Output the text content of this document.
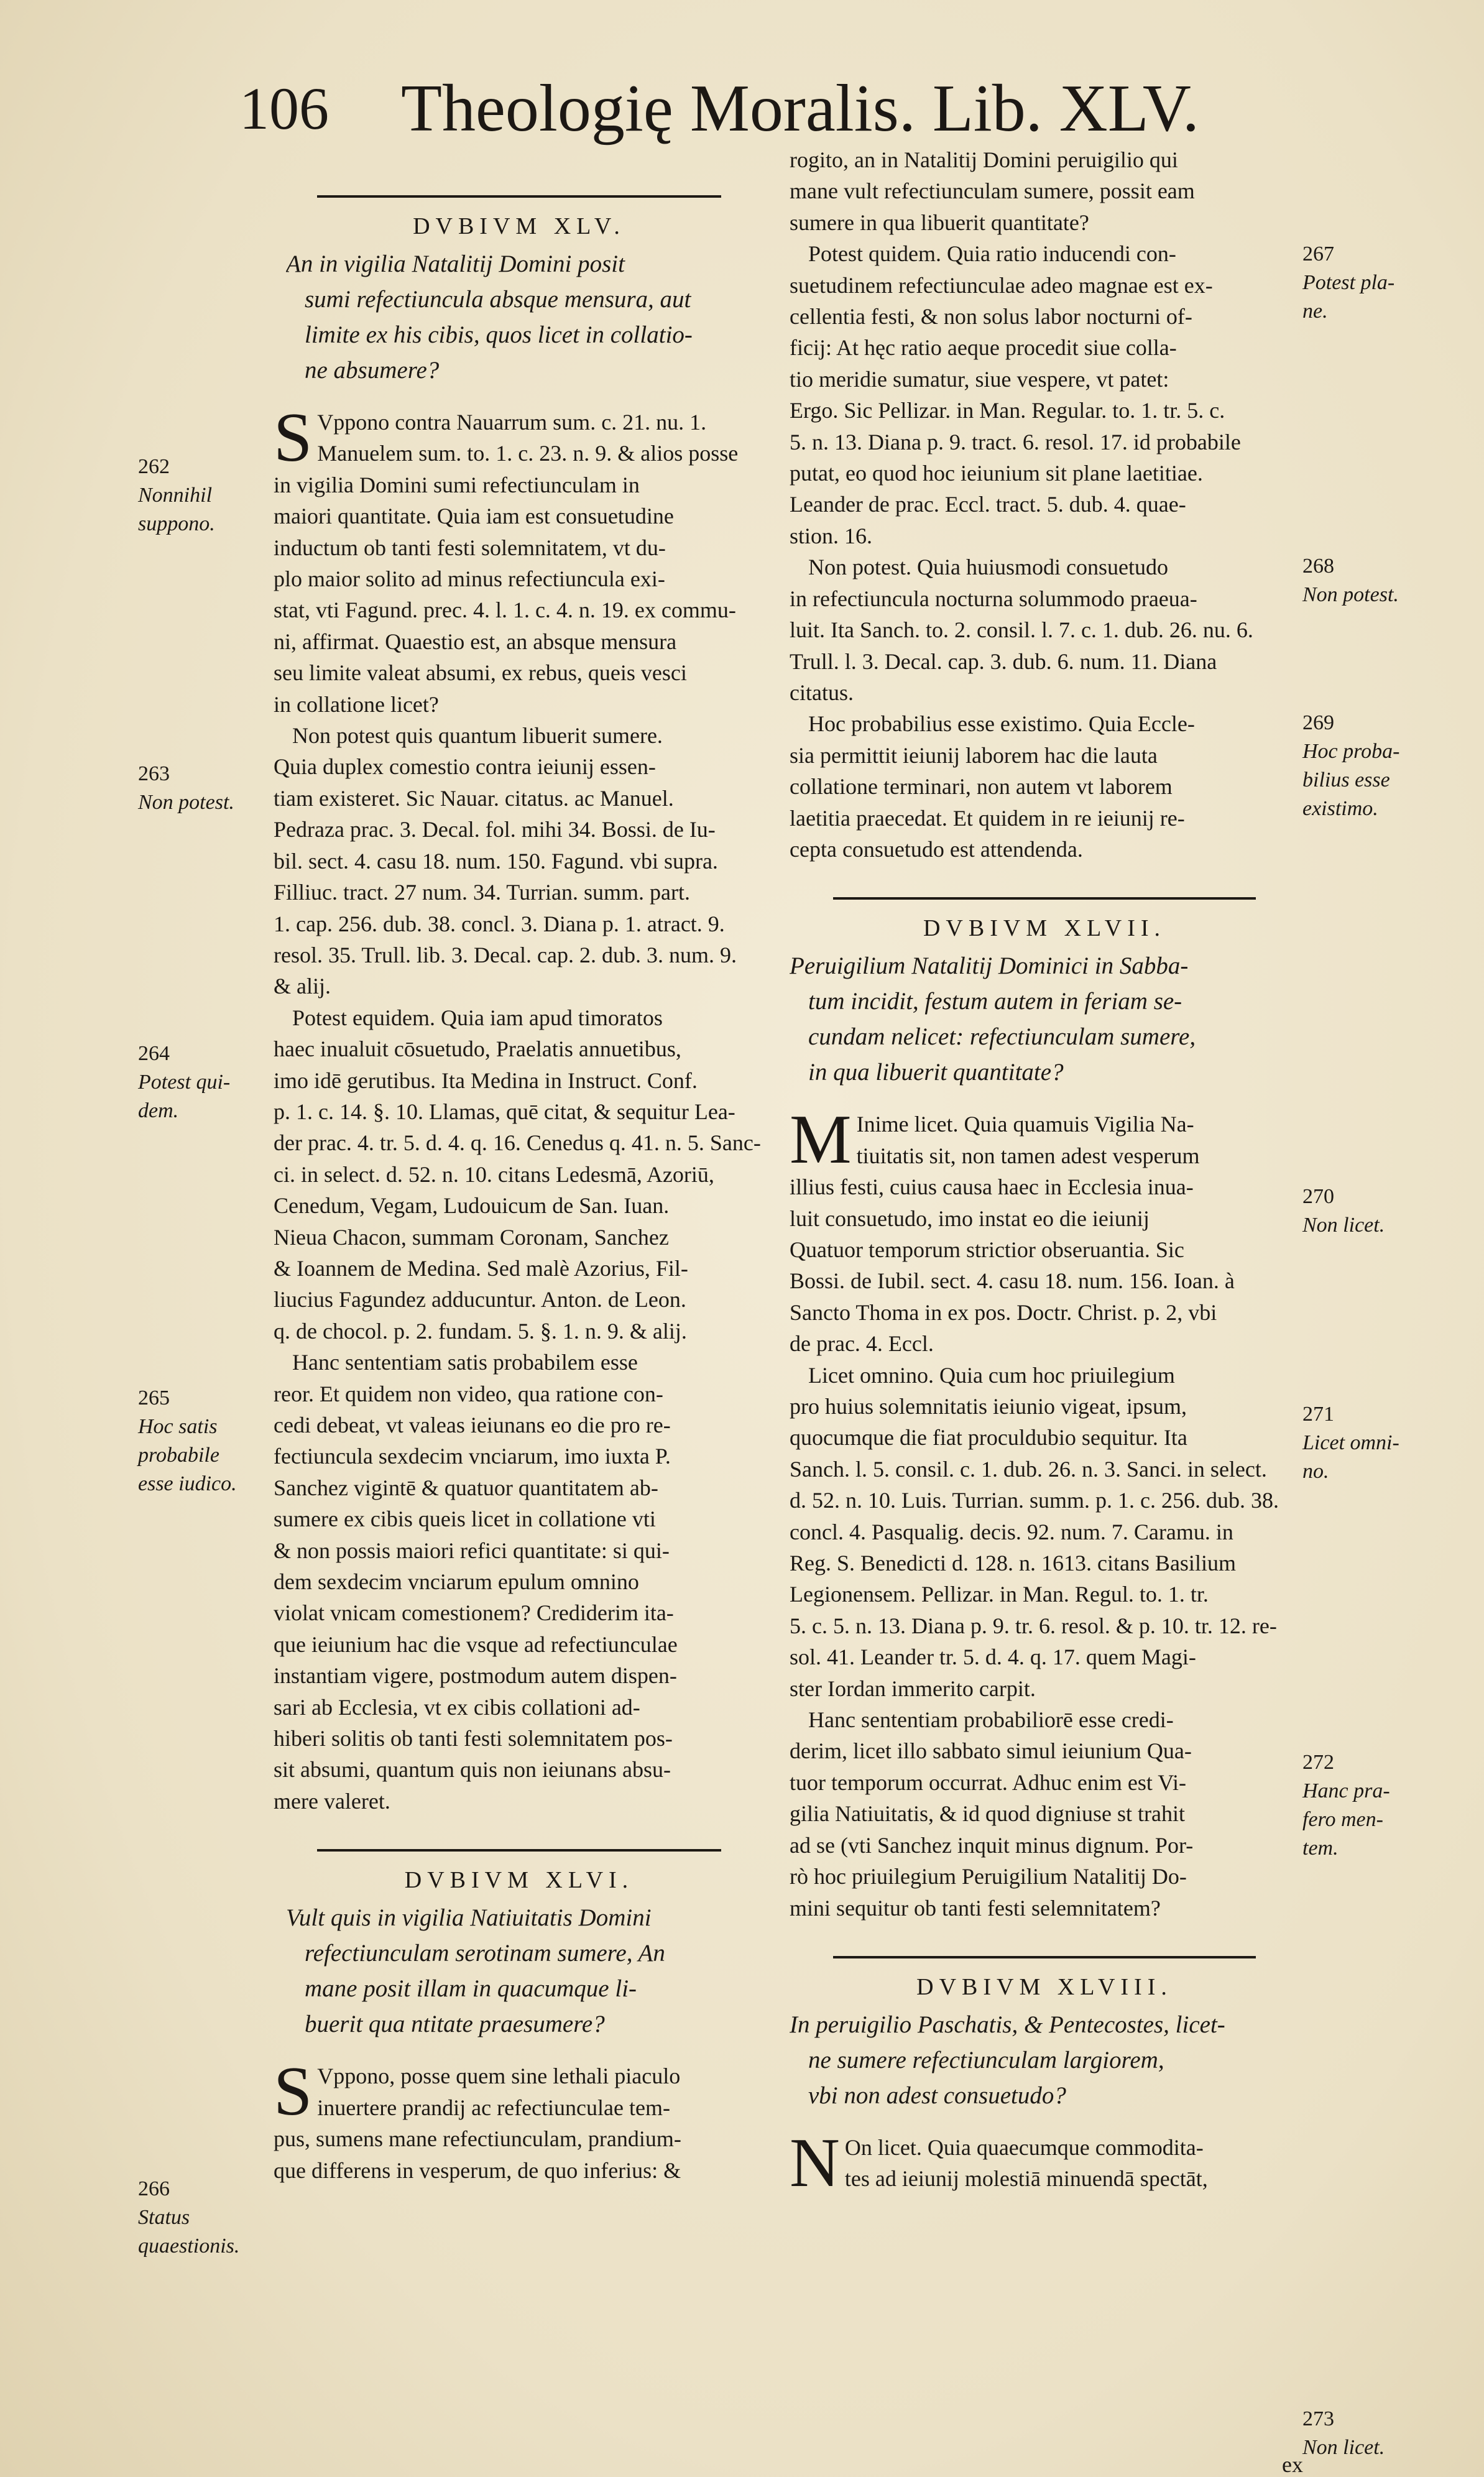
106 Theologię Moralis. Lib. XLV.
DVBIVM XLV.
An in vigilia Natalitij Domini posit
sumi refectiuncula absque mensura, aut
limite ex his cibis, quos licet in collatio-
ne absumere?
S Vppono contra Nauarrum sum. c. 21. nu. 1.
Manuelem sum. to. 1. c. 23. n. 9. & alios posse
in vigilia Domini sumi refectiunculam in
maiori quantitate. Quia iam est consuetudine
inductum ob tanti festi solemnitatem, vt du-
plo maior solito ad minus refectiuncula exi-
stat, vti Fagund. prec. 4. l. 1. c. 4. n. 19. ex commu-
ni, affirmat. Quaestio est, an absque mensura
seu limite valeat absumi, ex rebus, queis vesci
in collatione licet?
Non potest quis quantum libuerit sumere.
Quia duplex comestio contra ieiunij essen-
tiam existeret. Sic Nauar. citatus. ac Manuel.
Pedraza prac. 3. Decal. fol. mihi 34. Bossi. de Iu-
bil. sect. 4. casu 18. num. 150. Fagund. vbi supra.
Filliuc. tract. 27 num. 34. Turrian. summ. part.
1. cap. 256. dub. 38. concl. 3. Diana p. 1. atract. 9.
resol. 35. Trull. lib. 3. Decal. cap. 2. dub. 3. num. 9.
& alij.
Potest equidem. Quia iam apud timoratos
haec inualuit cōsuetudo, Praelatis annuetibus,
imo idē gerutibus. Ita Medina in Instruct. Conf.
p. 1. c. 14. §. 10. Llamas, quē citat, & sequitur Lea-
der prac. 4. tr. 5. d. 4. q. 16. Cenedus q. 41. n. 5. Sanc-
ci. in select. d. 52. n. 10. citans Ledesmā, Azoriū,
Cenedum, Vegam, Ludouicum de San. Iuan.
Nieua Chacon, summam Coronam, Sanchez
& Ioannem de Medina. Sed malè Azorius, Fil-
liucius Fagundez adducuntur. Anton. de Leon.
q. de chocol. p. 2. fundam. 5. §. 1. n. 9. & alij.
Hanc sententiam satis probabilem esse
reor. Et quidem non video, qua ratione con-
cedi debeat, vt valeas ieiunans eo die pro re-
fectiuncula sexdecim vnciarum, imo iuxta P.
Sanchez vigintē & quatuor quantitatem ab-
sumere ex cibis queis licet in collatione vti
& non possis maiori refici quantitate: si qui-
dem sexdecim vnciarum epulum omnino
violat vnicam comestionem? Crediderim ita-
que ieiunium hac die vsque ad refectiunculae
instantiam vigere, postmodum autem dispen-
sari ab Ecclesia, vt ex cibis collationi ad-
hiberi solitis ob tanti festi solemnitatem pos-
sit absumi, quantum quis non ieiunans absu-
mere valeret.
DVBIVM XLVI.
Vult quis in vigilia Natiuitatis Domini
refectiunculam serotinam sumere, An
mane posit illam in quacumque li-
buerit qua ntitate praesumere?
S Vppono, posse quem sine lethali piaculo
inuertere prandij ac refectiunculae tem-
pus, sumens mane refectiunculam, prandium-
que differens in vesperum, de quo inferius: &
rogito, an in Natalitij Domini peruigilio qui
mane vult refectiunculam sumere, possit eam
sumere in qua libuerit quantitate?
Potest quidem. Quia ratio inducendi con-
suetudinem refectiunculae adeo magnae est ex-
cellentia festi, & non solus labor nocturni of-
ficij: At hęc ratio aeque procedit siue colla-
tio meridie sumatur, siue vespere, vt patet:
Ergo. Sic Pellizar. in Man. Regular. to. 1. tr. 5. c.
5. n. 13. Diana p. 9. tract. 6. resol. 17. id probabile
putat, eo quod hoc ieiunium sit plane laetitiae.
Leander de prac. Eccl. tract. 5. dub. 4. quae-
stion. 16.
Non potest. Quia huiusmodi consuetudo
in refectiuncula nocturna solummodo praeua-
luit. Ita Sanch. to. 2. consil. l. 7. c. 1. dub. 26. nu. 6.
Trull. l. 3. Decal. cap. 3. dub. 6. num. 11. Diana
citatus.
Hoc probabilius esse existimo. Quia Eccle-
sia permittit ieiunij laborem hac die lauta
collatione terminari, non autem vt laborem
laetitia praecedat. Et quidem in re ieiunij re-
cepta consuetudo est attendenda.
DVBIVM XLVII.
Peruigilium Natalitij Dominici in Sabba-
tum incidit, festum autem in feriam se-
cundam nelicet: refectiunculam sumere,
in qua libuerit quantitate?
M Inime licet. Quia quamuis Vigilia Na-
tiuitatis sit, non tamen adest vesperum
illius festi, cuius causa haec in Ecclesia inua-
luit consuetudo, imo instat eo die ieiunij
Quatuor temporum strictior obseruantia. Sic
Bossi. de Iubil. sect. 4. casu 18. num. 156. Ioan. à
Sancto Thoma in ex pos. Doctr. Christ. p. 2, vbi
de prac. 4. Eccl.
Licet omnino. Quia cum hoc priuilegium
pro huius solemnitatis ieiunio vigeat, ipsum,
quocumque die fiat proculdubio sequitur. Ita
Sanch. l. 5. consil. c. 1. dub. 26. n. 3. Sanci. in select.
d. 52. n. 10. Luis. Turrian. summ. p. 1. c. 256. dub. 38.
concl. 4. Pasqualig. decis. 92. num. 7. Caramu. in
Reg. S. Benedicti d. 128. n. 1613. citans Basilium
Legionensem. Pellizar. in Man. Regul. to. 1. tr.
5. c. 5. n. 13. Diana p. 9. tr. 6. resol. & p. 10. tr. 12. re-
sol. 41. Leander tr. 5. d. 4. q. 17. quem Magi-
ster Iordan immerito carpit.
Hanc sententiam probabiliorē esse credi-
derim, licet illo sabbato simul ieiunium Qua-
tuor temporum occurrat. Adhuc enim est Vi-
gilia Natiuitatis, & id quod digniuse st trahit
ad se (vti Sanchez inquit minus dignum. Por-
rò hoc priuilegium Peruigilium Natalitij Do-
mini sequitur ob tanti festi selemnitatem?
DVBIVM XLVIII.
In peruigilio Paschatis, & Pentecostes, licet-
ne sumere refectiunculam largiorem,
vbi non adest consuetudo?
N On licet. Quia quaecumque commodita-
tes ad ieiunij molestiā minuendā spectāt,
ex
262
Nonnihil
suppono.
263
Non potest.
264
Potest qui-
dem.
265
Hoc satis
probabile
esse iudico.
266
Status
quaestionis.
267
Potest pla-
ne.
268
Non potest.
269
Hoc proba-
bilius esse
existimo.
270
Non licet.
271
Licet omni-
no.
272
Hanc pra-
fero men-
tem.
273
Non licet.
